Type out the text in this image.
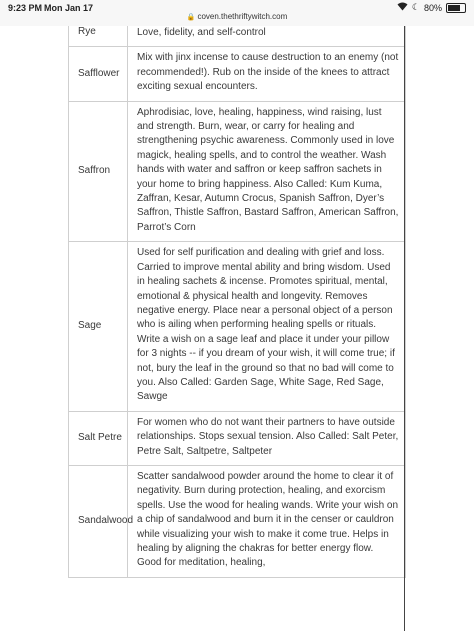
9:23 PM Mon Jan 17
🔒 coven.thethriftywitch.com
☾ 80%
Rye	Love, fidelity, and self-control
Safflower
Mix with jinx incense to cause destruction to an enemy (not recommended!). Rub on the inside of the knees to attract exciting sexual encounters.
Saffron
Aphrodisiac, love, healing, happiness, wind raising, lust and strength. Burn, wear, or carry for healing and strengthening psychic awareness. Commonly used in love magick, healing spells, and to control the weather. Wash hands with water and saffron or keep saffron sachets in your home to bring happiness. Also Called: Kum Kuma, Zaffran, Kesar, Autumn Crocus, Spanish Saffron, Dyer’s Saffron, Thistle Saffron, Bastard Saffron, American Saffron, Parrot’s Corn
Sage
Used for self purification and dealing with grief and loss. Carried to improve mental ability and bring wisdom. Used in healing sachets & incense. Promotes spiritual, mental, emotional & physical health and longevity. Removes negative energy. Place near a personal object of a person who is ailing when performing healing spells or rituals. Write a wish on a sage leaf and place it under your pillow for 3 nights -- if you dream of your wish, it will come true; if not, bury the leaf in the ground so that no bad will come to you. Also Called: Garden Sage, White Sage, Red Sage, Sawge
Salt Petre
For women who do not want their partners to have outside relationships. Stops sexual tension. Also Called: Salt Peter, Petre Salt, Saltpetre, Saltpeter
Sandalwood
Scatter sandalwood powder around the home to clear it of negativity. Burn during protection, healing, and exorcism spells. Use the wood for healing wands. Write your wish on a chip of sandalwood and burn it in the censer or cauldron while visualizing your wish to make it come true. Helps in healing by aligning the chakras for better energy flow. Good for meditation, healing,
